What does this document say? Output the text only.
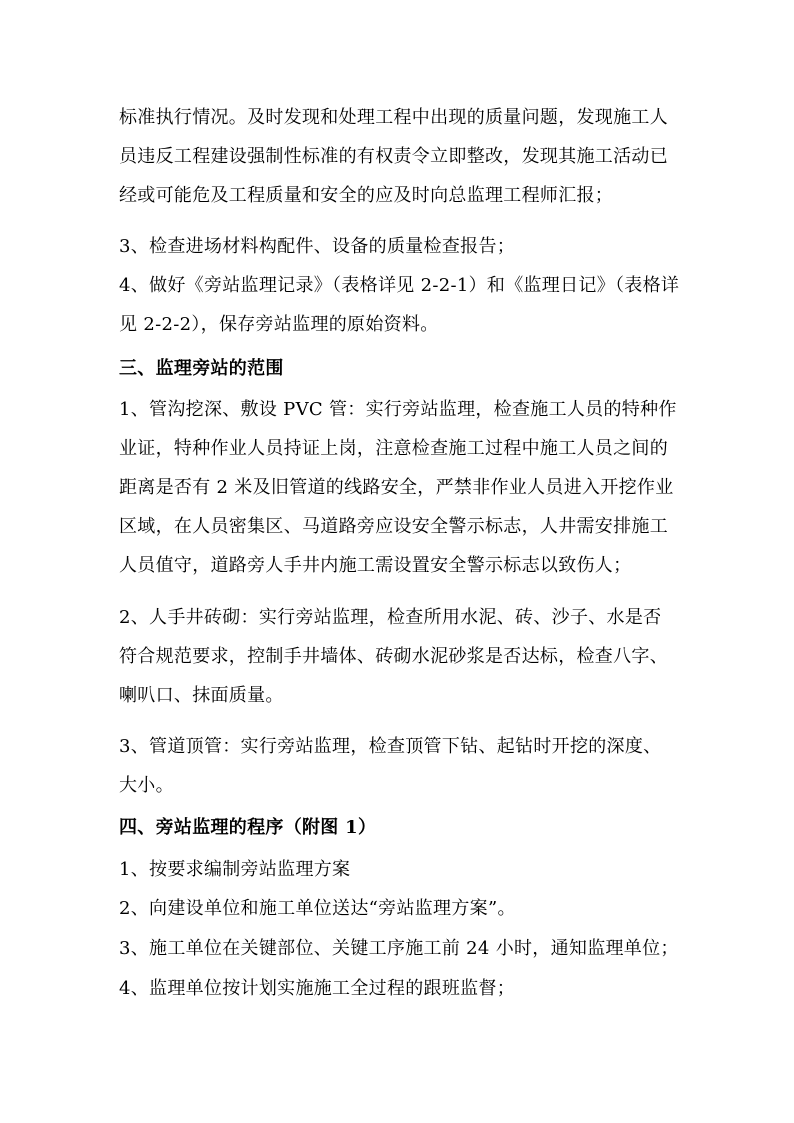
标准执行情况。及时发现和处理工程中出现的质量问题，发现施工人
员违反工程建设强制性标准的有权责令立即整改，发现其施工活动已
经或可能危及工程质量和安全的应及时向总监理工程师汇报；

3、检查进场材料构配件、设备的质量检查报告；

4、做好《旁站监理记录》（表格详见 2-2-1）和《监理日记》（表格详
见 2-2-2），保存旁站监理的原始资料。

三、监理旁站的范围

1、管沟挖深、敷设 PVC 管：实行旁站监理，检查施工人员的特种作
业证，特种作业人员持证上岗，注意检查施工过程中施工人员之间的
距离是否有 2 米及旧管道的线路安全，严禁非作业人员进入开挖作业
区域，在人员密集区、马道路旁应设安全警示标志，人井需安排施工
人员值守，道路旁人手井内施工需设置安全警示标志以致伤人；

2、人手井砖砌：实行旁站监理，检查所用水泥、砖、沙子、水是否
符合规范要求，控制手井墙体、砖砌水泥砂浆是否达标，检查八字、
喇叭口、抹面质量。

3、管道顶管：实行旁站监理，检查顶管下钻、起钻时开挖的深度、
大小。

四、旁站监理的程序（附图 1）

1、按要求编制旁站监理方案

2、向建设单位和施工单位送达“旁站监理方案”。

3、施工单位在关键部位、关键工序施工前 24 小时，通知监理单位；

4、监理单位按计划实施施工全过程的跟班监督；
